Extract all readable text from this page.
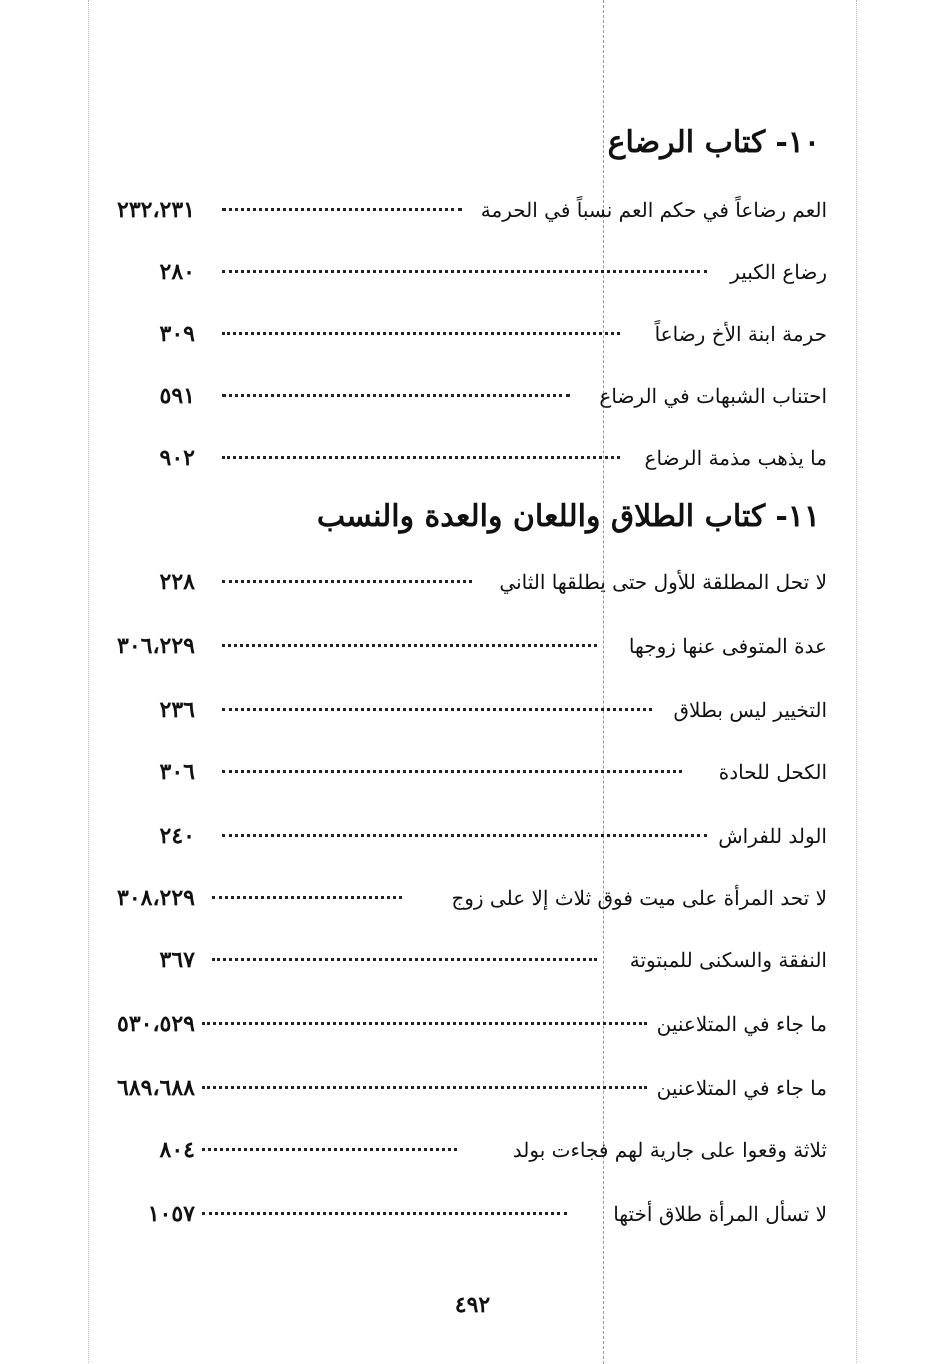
١٠-كتاب الرضاع
العم رضاعاً في حكم العم نسباً في الحرمة
٢٣٢،٢٣١
رضاع الكبير
٢٨٠
حرمة ابنة الأخ رضاعاً
٣٠٩
احتناب الشبهات في الرضاع
٥٩١
ما يذهب مذمة الرضاع
٩٠٢
١١-كتاب الطلاق واللعان والعدة والنسب
لا تحل المطلقة للأول حتى يطلقها الثاني
٢٢٨
عدة المتوفى عنها زوجها
٣٠٦،٢٢٩
التخيير ليس بطلاق
٢٣٦
الكحل للحادة
٣٠٦
الولد للفراش
٢٤٠
لا تحد المرأة على ميت فوق ثلاث إلا على زوج
٣٠٨،٢٢٩
النفقة والسكنى للمبتوتة
٣٦٧
ما جاء في المتلاعنين
٥٣٠،٥٢٩
ما جاء في المتلاعنين
٦٨٩،٦٨٨
ثلاثة وقعوا على جارية لهم فجاءت بولد
٨٠٤
لا تسأل المرأة طلاق أختها
١٠٥٧
٤٩٢
